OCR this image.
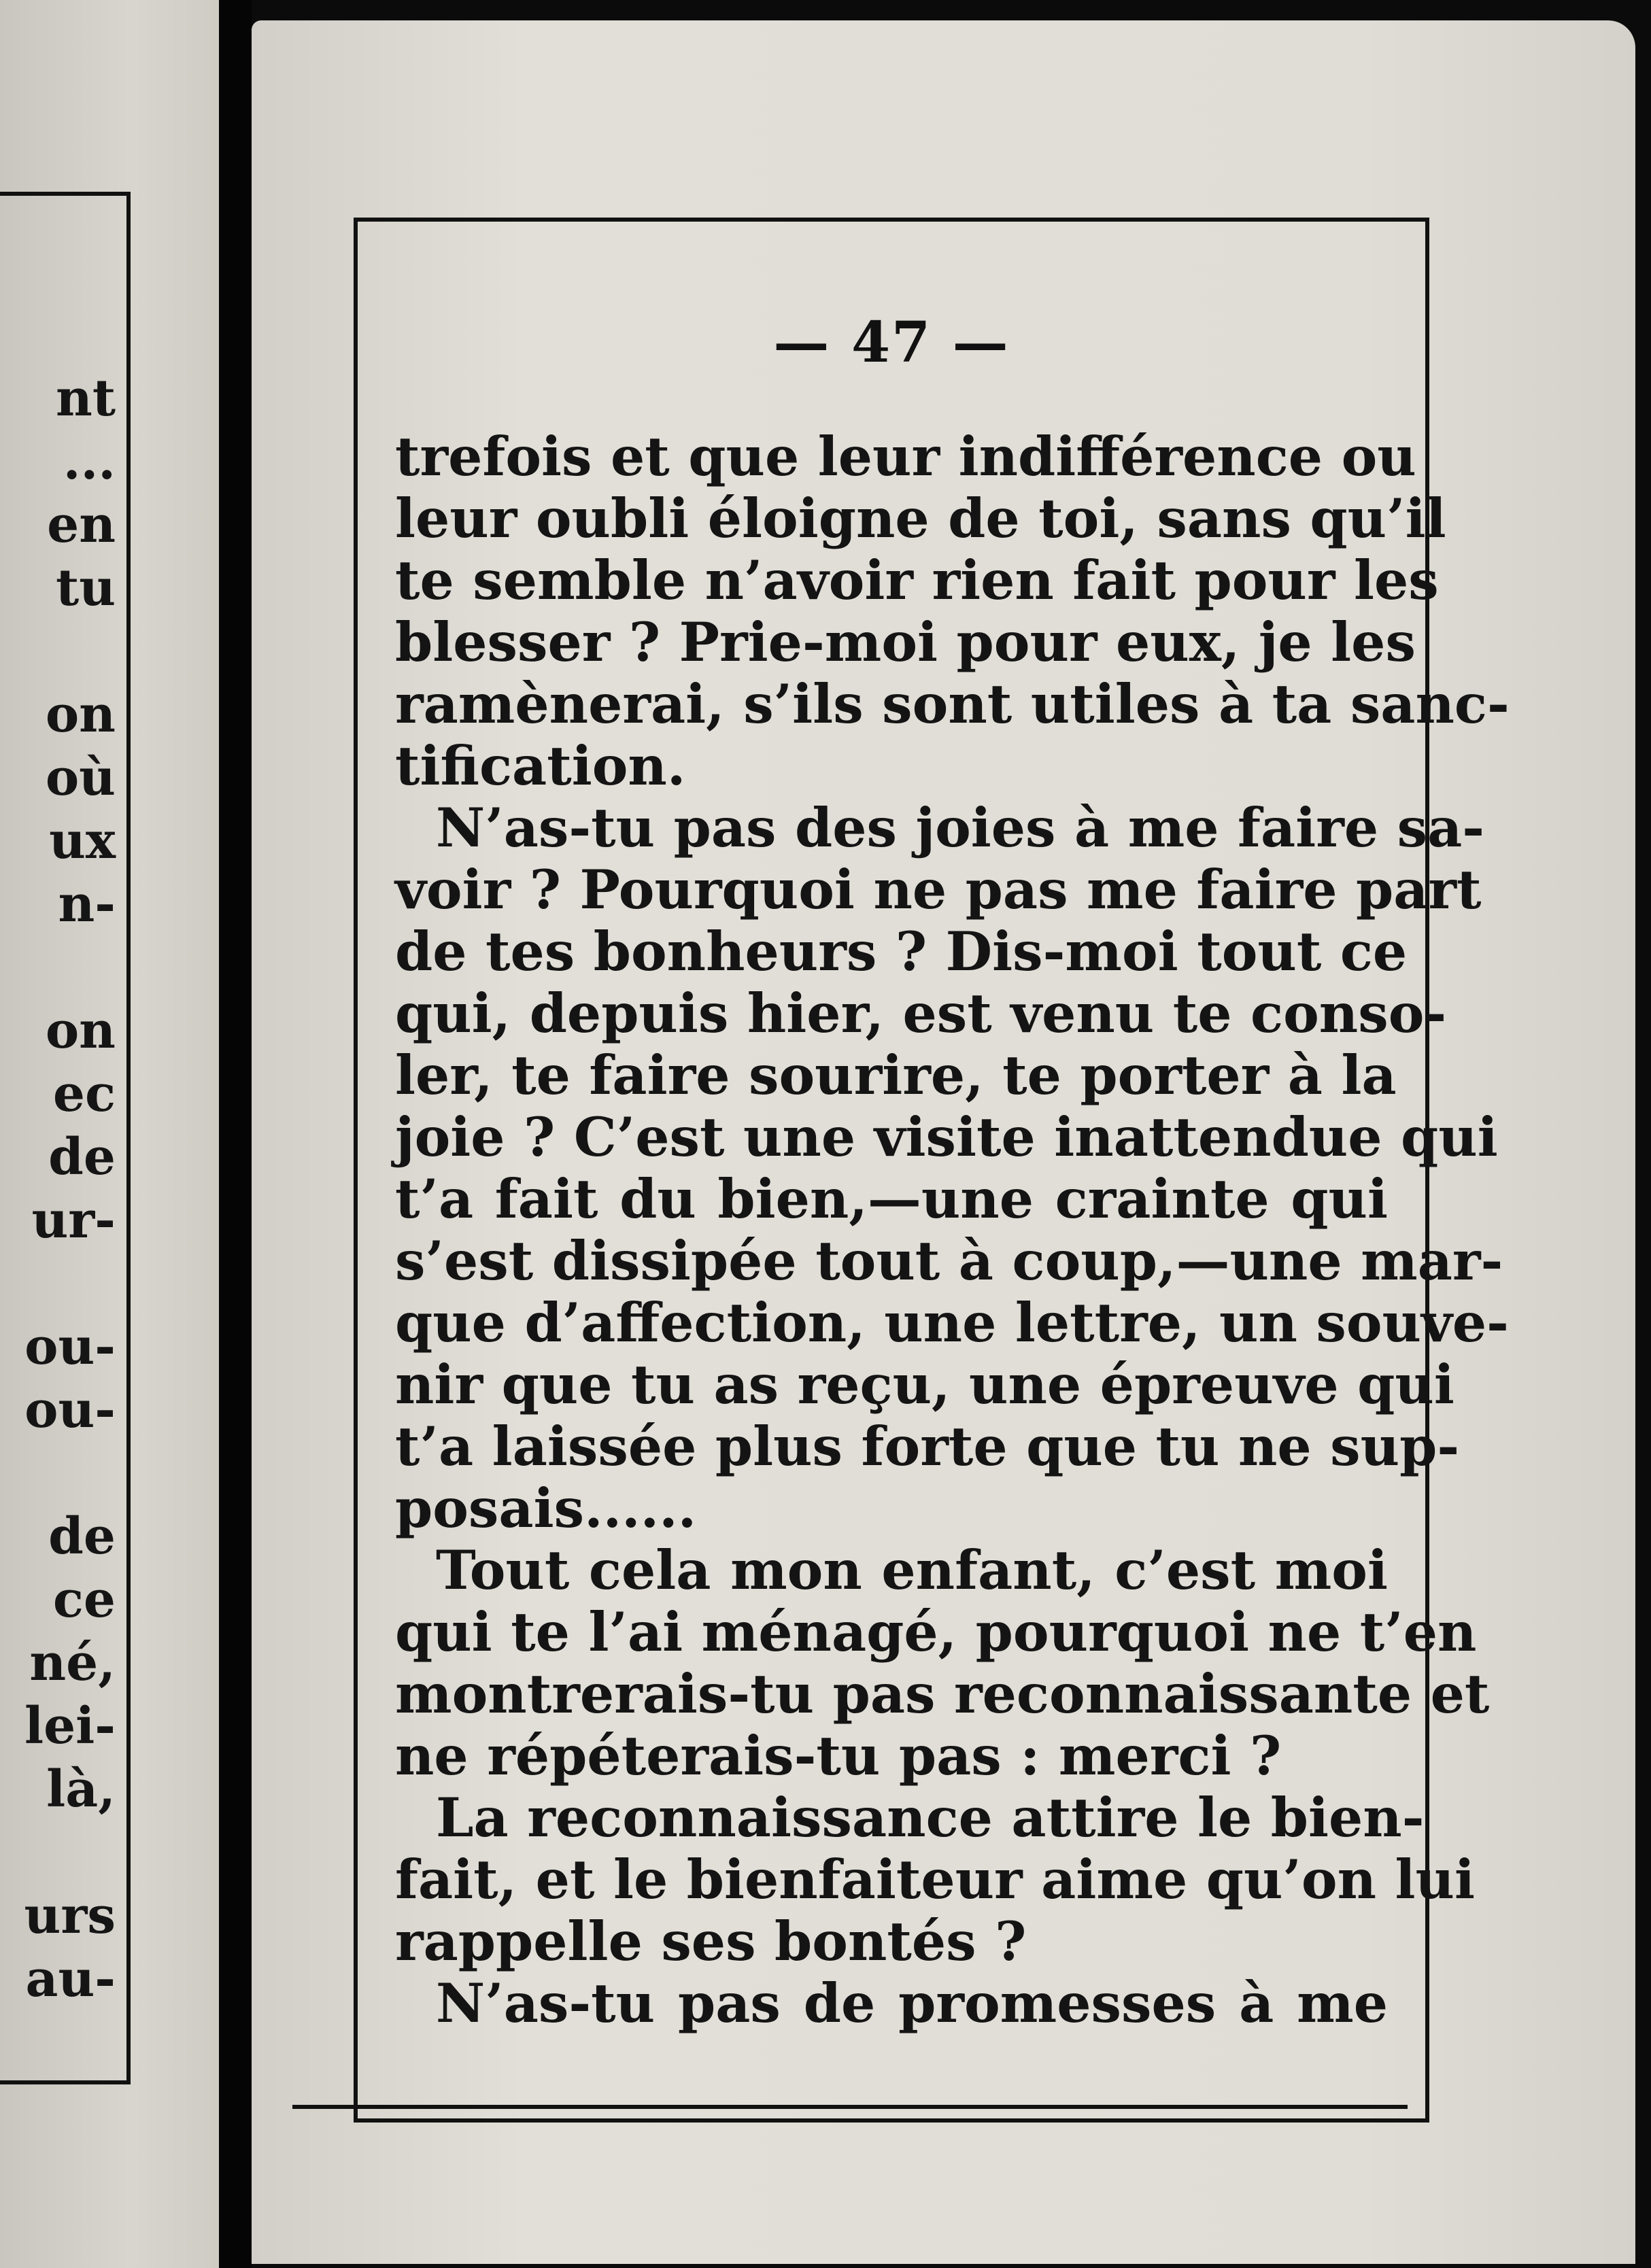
nt
...
en
tu
on
où
ux
n-
on
ec
de
ur-
ou-
ou-
de
ce
né,
lei-
là,
urs
au-
— 47 —
trefois et que leur indifférence ou
leur oubli éloigne de toi, sans qu’il
te semble n’avoir rien fait pour les
blesser ? Prie-moi pour eux, je les
ramènerai, s’ils sont utiles à ta sanc-
tification.
N’as-tu pas des joies à me faire sa-
voir ? Pourquoi ne pas me faire part
de tes bonheurs ? Dis-moi tout ce
qui, depuis hier, est venu te conso-
ler, te faire sourire, te porter à la
joie ? C’est une visite inattendue qui
t’a fait du bien,—une crainte qui
s’est dissipée tout à coup,—une mar-
que d’affection, une lettre, un souve-
nir que tu as reçu, une épreuve qui
t’a laissée plus forte que tu ne sup-
posais......
Tout cela mon enfant, c’est moi
qui te l’ai ménagé, pourquoi ne t’en
montrerais-tu pas reconnaissante et
ne répéterais-tu pas : merci ?
La reconnaissance attire le bien-
fait, et le bienfaiteur aime qu’on lui
rappelle ses bontés ?
N’as-tu pas de promesses à me
